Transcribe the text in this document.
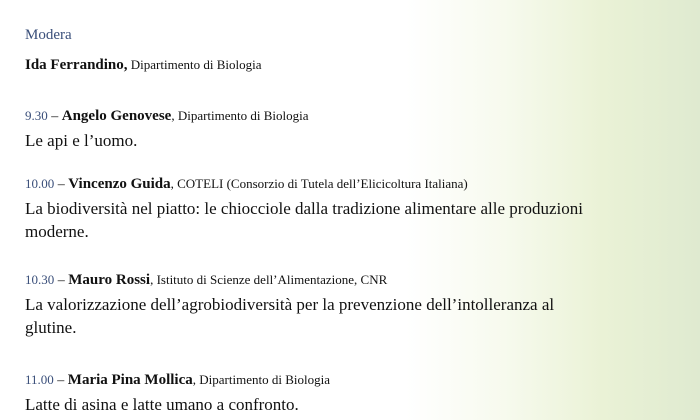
Modera
Ida Ferrandino, Dipartimento di Biologia
9.30 – Angelo Genovese, Dipartimento di Biologia
Le api e l’uomo.
10.00 – Vincenzo Guida, COTELI (Consorzio di Tutela dell’Elicicoltura Italiana)
La biodiversità nel piatto: le chiocciole dalla tradizione alimentare alle produzioni moderne.
10.30 – Mauro Rossi, Istituto di Scienze dell’Alimentazione, CNR
La valorizzazione dell’agrobiodiversità per la prevenzione dell’intolleranza al glutine.
11.00 – Maria Pina Mollica, Dipartimento di Biologia
Latte di asina e latte umano a confronto.
